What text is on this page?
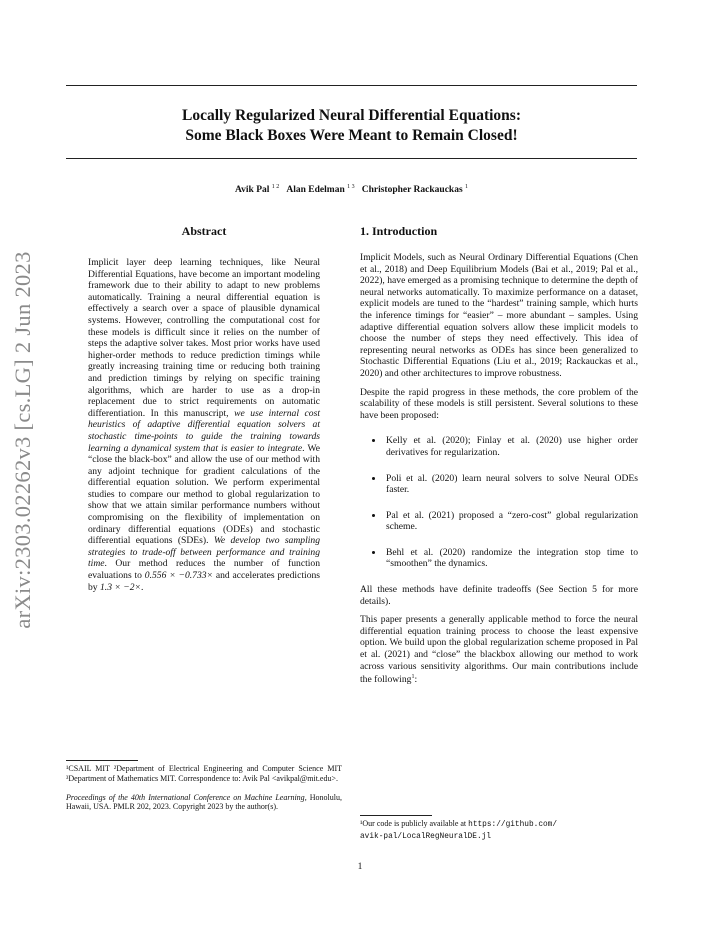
arXiv:2303.02262v3 [cs.LG] 2 Jun 2023
Locally Regularized Neural Differential Equations:
Some Black Boxes Were Meant to Remain Closed!
Avik Pal $^{1 2}$ Alan Edelman $^{1 3}$ Christopher Rackauckas $^1$
Abstract
Implicit layer deep learning techniques, like Neural Differential Equations, have become an important modeling framework due to their ability to adapt to new problems automatically. Training a neural differential equation is effectively a search over a space of plausible dynamical systems. However, controlling the computational cost for these models is difficult since it relies on the number of steps the adaptive solver takes. Most prior works have used higher-order methods to reduce prediction timings while greatly increasing training time or reducing both training and prediction timings by relying on specific training algorithms, which are harder to use as a drop-in replacement due to strict requirements on automatic differentiation. In this manuscript, we use internal cost heuristics of adaptive differential equation solvers at stochastic time-points to guide the training towards learning a dynamical system that is easier to integrate. We “close the black-box” and allow the use of our method with any adjoint technique for gradient calculations of the differential equation solution. We perform experimental studies to compare our method to global regularization to show that we attain similar performance numbers without compromising on the flexibility of implementation on ordinary differential equations (ODEs) and stochastic differential equations (SDEs). We develop two sampling strategies to trade-off between performance and training time. Our method reduces the number of function evaluations to 0.556 × −0.733× and accelerates predictions by 1.3 × −2×.
¹CSAIL MIT ²Department of Electrical Engineering and Computer Science MIT ³Department of Mathematics MIT. Correspondence to: Avik Pal <avikpal@mit.edu>.
Proceedings of the 40th International Conference on Machine Learning, Honolulu, Hawaii, USA. PMLR 202, 2023. Copyright 2023 by the author(s).
1. Introduction

Implicit Models, such as Neural Ordinary Differential Equations (Chen et al., 2018) and Deep Equilibrium Models (Bai et al., 2019; Pal et al., 2022), have emerged as a promising technique to determine the depth of neural networks automatically. To maximize performance on a dataset, explicit models are tuned to the “hardest” training sample, which hurts the inference timings for “easier” – more abundant – samples. Using adaptive differential equation solvers allow these implicit models to choose the number of steps they need effectively. This idea of representing neural networks as ODEs has since been generalized to Stochastic Differential Equations (Liu et al., 2019; Rackauckas et al., 2020) and other architectures to improve robustness.

Despite the rapid progress in these methods, the core problem of the scalability of these models is still persistent. Several solutions to these have been proposed:

• Kelly et al. (2020); Finlay et al. (2020) use higher order derivatives for regularization.
• Poli et al. (2020) learn neural solvers to solve Neural ODEs faster.
• Pal et al. (2021) proposed a “zero-cost” global regularization scheme.
• Behl et al. (2020) randomize the integration stop time to “smoothen” the dynamics.

All these methods have definite tradeoffs (See Section 5 for more details).

This paper presents a generally applicable method to force the neural differential equation training process to choose the least expensive option. We build upon the global regularization scheme proposed in Pal et al. (2021) and “close” the blackbox allowing our method to work across various sensitivity algorithms. Our main contributions include the following$^1$:

¹Our code is publicly available at https://github.com/
avik-pal/LocalRegNeuralDE.jl
1
